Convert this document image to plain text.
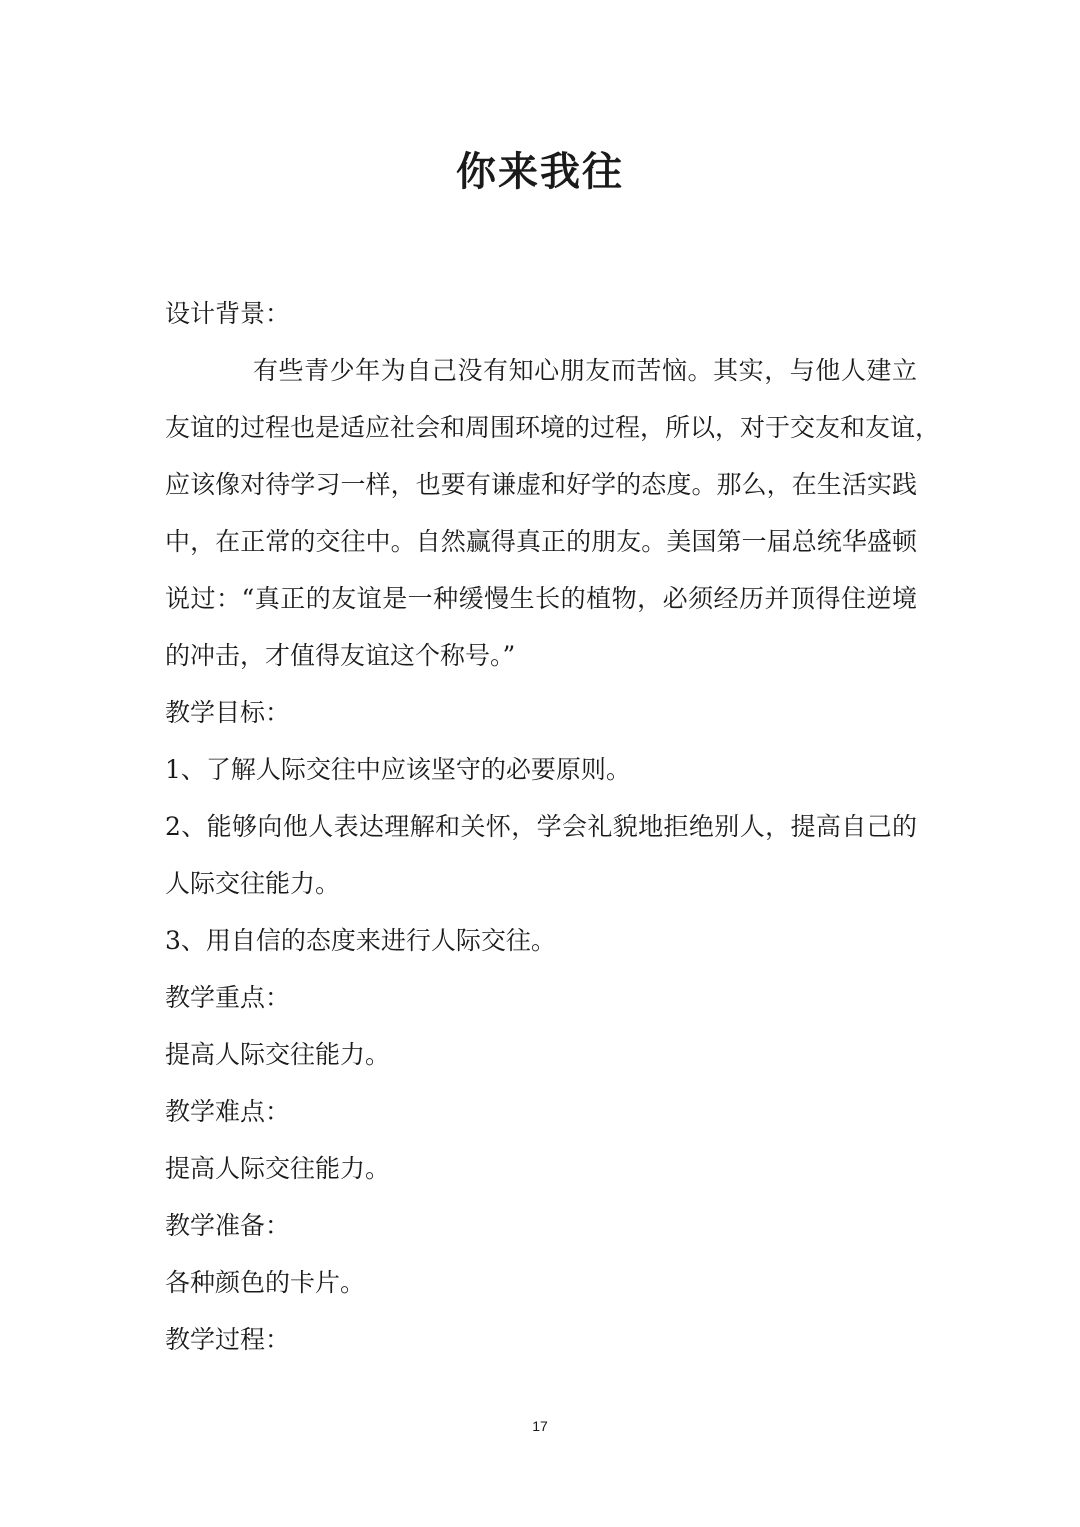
你来我往
设计背景：
有些青少年为自己没有知心朋友而苦恼。其实，与他人建立
友谊的过程也是适应社会和周围环境的过程，所以，对于交友和友谊，
应该像对待学习一样，也要有谦虚和好学的态度。那么，在生活实践
中，在正常的交往中。自然赢得真正的朋友。美国第一届总统华盛顿
说过：“真正的友谊是一种缓慢生长的植物，必须经历并顶得住逆境
的冲击，才值得友谊这个称号。”
教学目标：
1、了解人际交往中应该坚守的必要原则。
2、能够向他人表达理解和关怀，学会礼貌地拒绝别人，提高自己的
人际交往能力。
3、用自信的态度来进行人际交往。
教学重点：
提高人际交往能力。
教学难点：
提高人际交往能力。
教学准备：
各种颜色的卡片。
教学过程：
17
